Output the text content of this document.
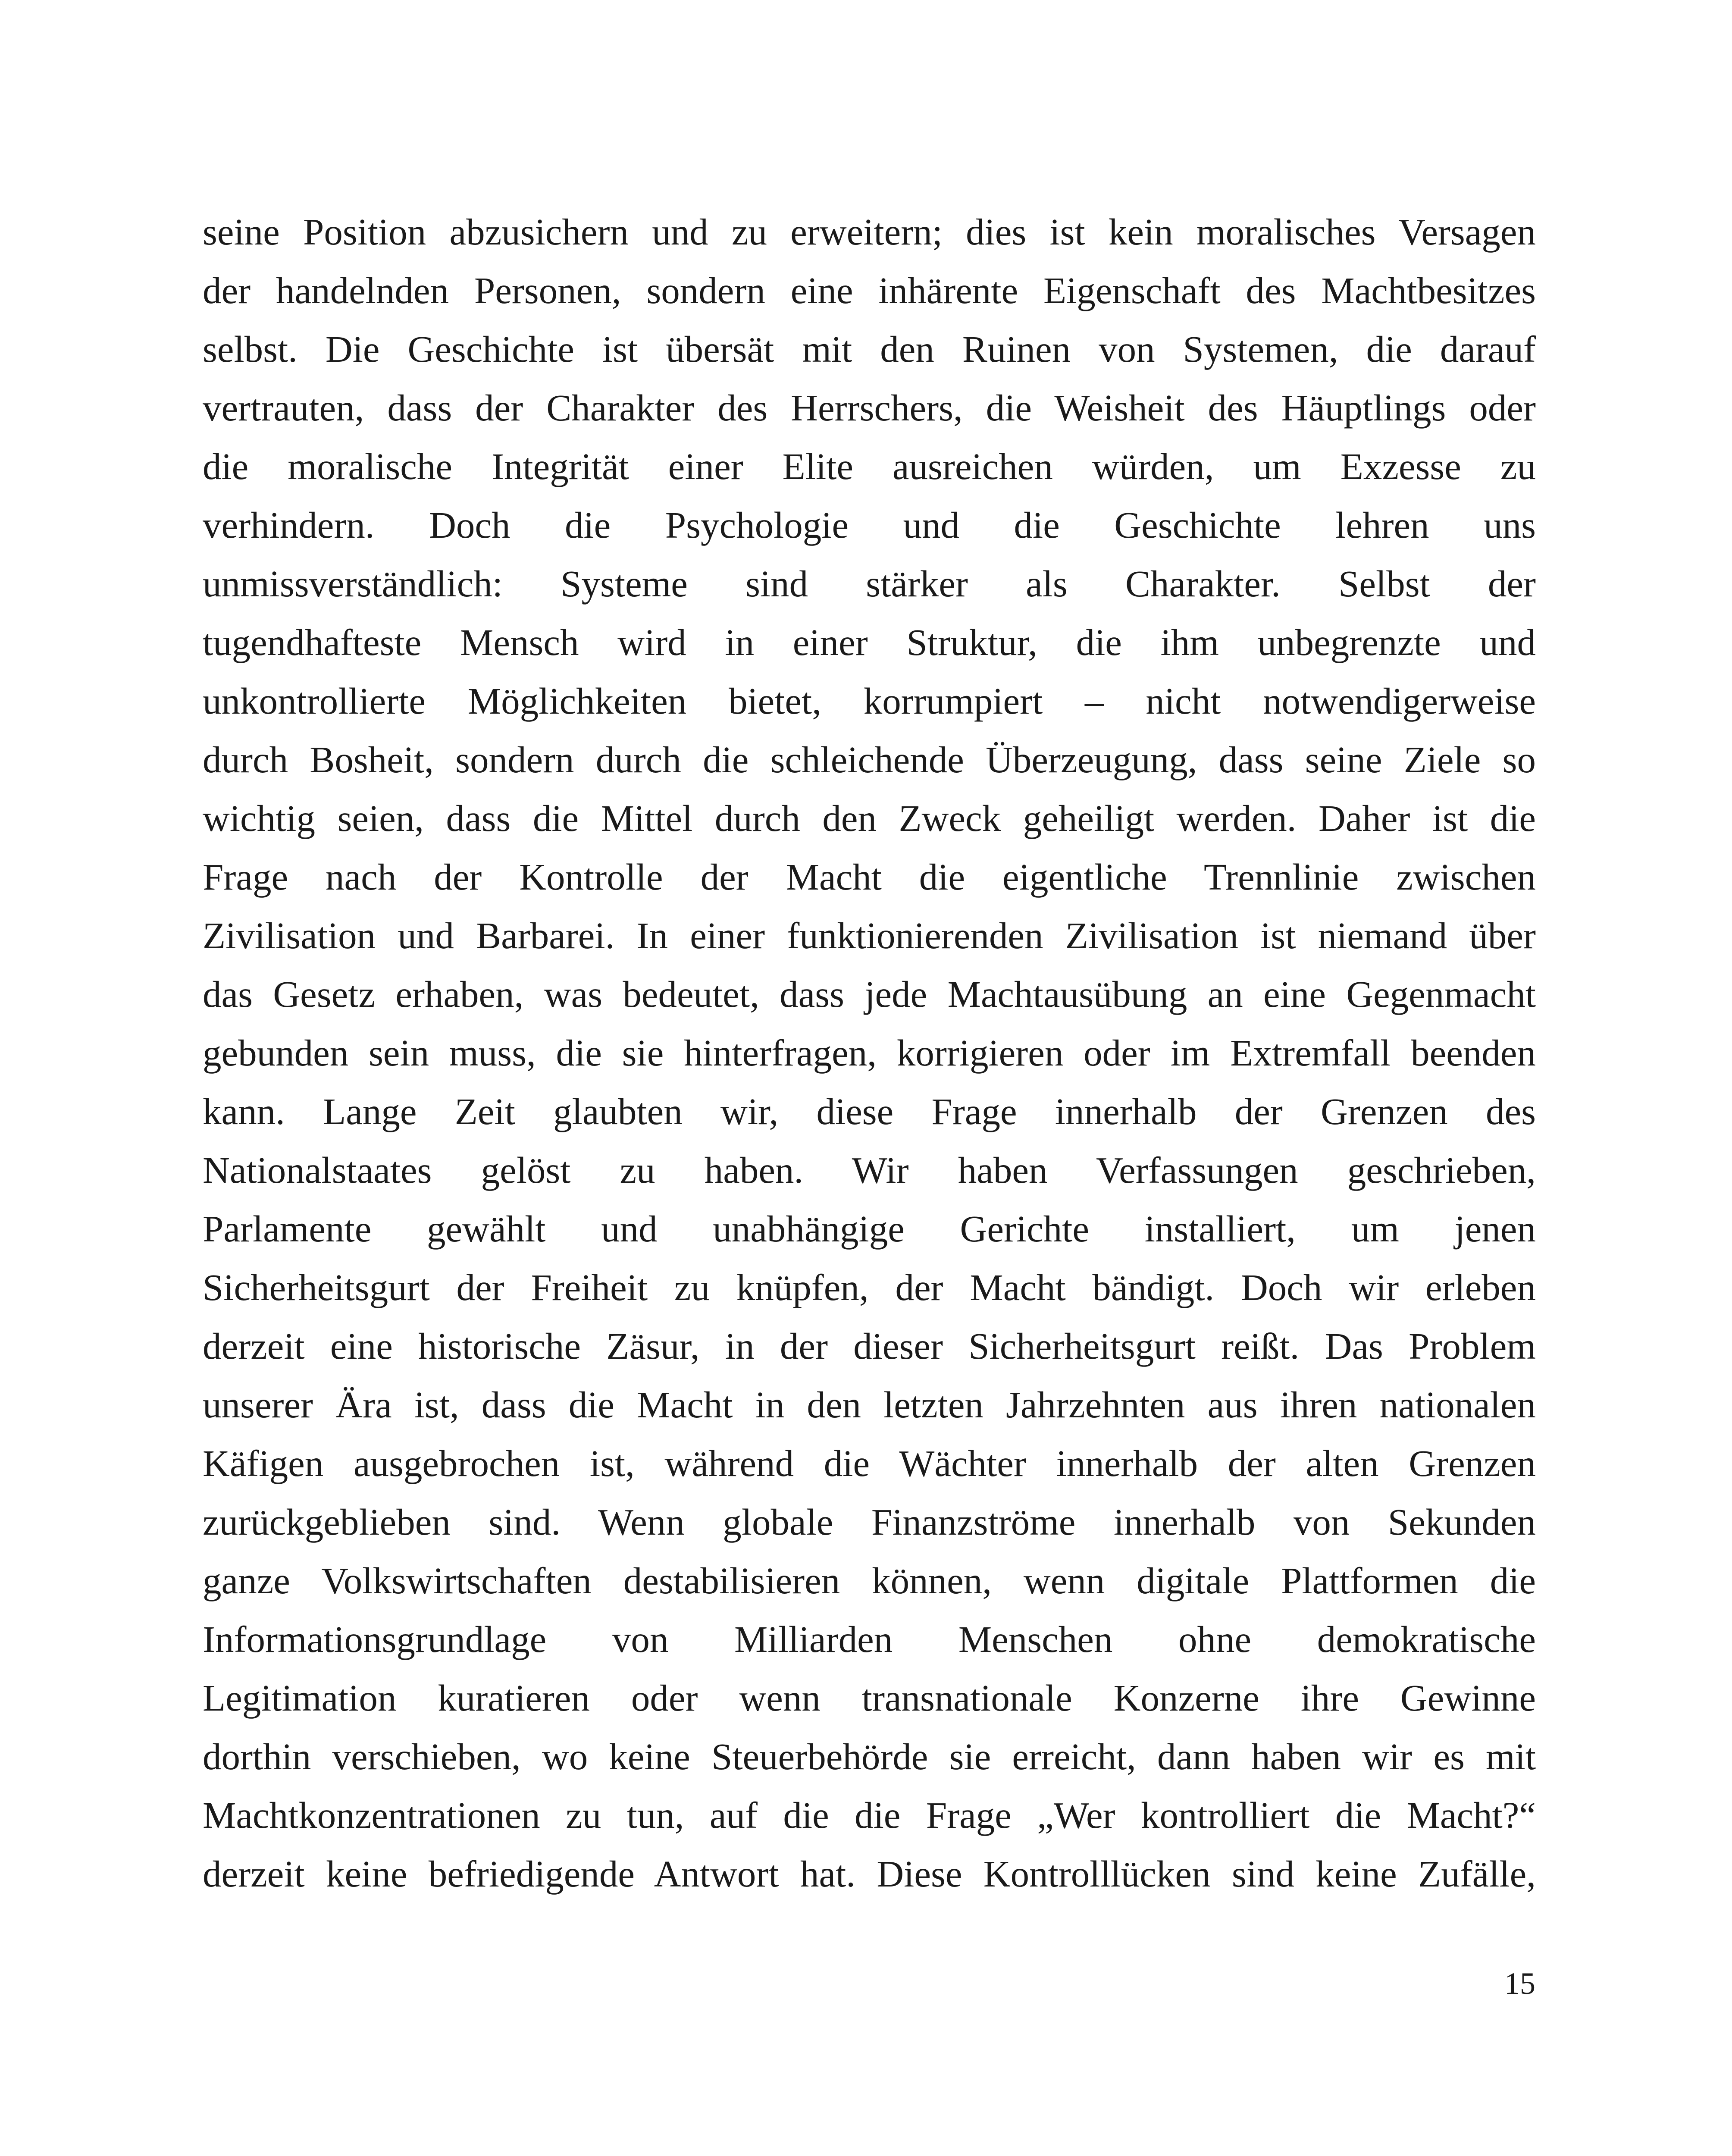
seine Position abzusichern und zu erweitern; dies ist kein moralisches Versagen
der handelnden Personen, sondern eine inhärente Eigenschaft des Machtbesitzes
selbst. Die Geschichte ist übersät mit den Ruinen von Systemen, die darauf
vertrauten, dass der Charakter des Herrschers, die Weisheit des Häuptlings oder
die moralische Integrität einer Elite ausreichen würden, um Exzesse zu
verhindern. Doch die Psychologie und die Geschichte lehren uns
unmissverständlich: Systeme sind stärker als Charakter. Selbst der
tugendhafteste Mensch wird in einer Struktur, die ihm unbegrenzte und
unkontrollierte Möglichkeiten bietet, korrumpiert – nicht notwendigerweise
durch Bosheit, sondern durch die schleichende Überzeugung, dass seine Ziele so
wichtig seien, dass die Mittel durch den Zweck geheiligt werden. Daher ist die
Frage nach der Kontrolle der Macht die eigentliche Trennlinie zwischen
Zivilisation und Barbarei. In einer funktionierenden Zivilisation ist niemand über
das Gesetz erhaben, was bedeutet, dass jede Machtausübung an eine Gegenmacht
gebunden sein muss, die sie hinterfragen, korrigieren oder im Extremfall beenden
kann. Lange Zeit glaubten wir, diese Frage innerhalb der Grenzen des
Nationalstaates gelöst zu haben. Wir haben Verfassungen geschrieben,
Parlamente gewählt und unabhängige Gerichte installiert, um jenen
Sicherheitsgurt der Freiheit zu knüpfen, der Macht bändigt. Doch wir erleben
derzeit eine historische Zäsur, in der dieser Sicherheitsgurt reißt. Das Problem
unserer Ära ist, dass die Macht in den letzten Jahrzehnten aus ihren nationalen
Käfigen ausgebrochen ist, während die Wächter innerhalb der alten Grenzen
zurückgeblieben sind. Wenn globale Finanzströme innerhalb von Sekunden
ganze Volkswirtschaften destabilisieren können, wenn digitale Plattformen die
Informationsgrundlage von Milliarden Menschen ohne demokratische
Legitimation kuratieren oder wenn transnationale Konzerne ihre Gewinne
dorthin verschieben, wo keine Steuerbehörde sie erreicht, dann haben wir es mit
Machtkonzentrationen zu tun, auf die die Frage „Wer kontrolliert die Macht?“
derzeit keine befriedigende Antwort hat. Diese Kontrolllücken sind keine Zufälle,
15
